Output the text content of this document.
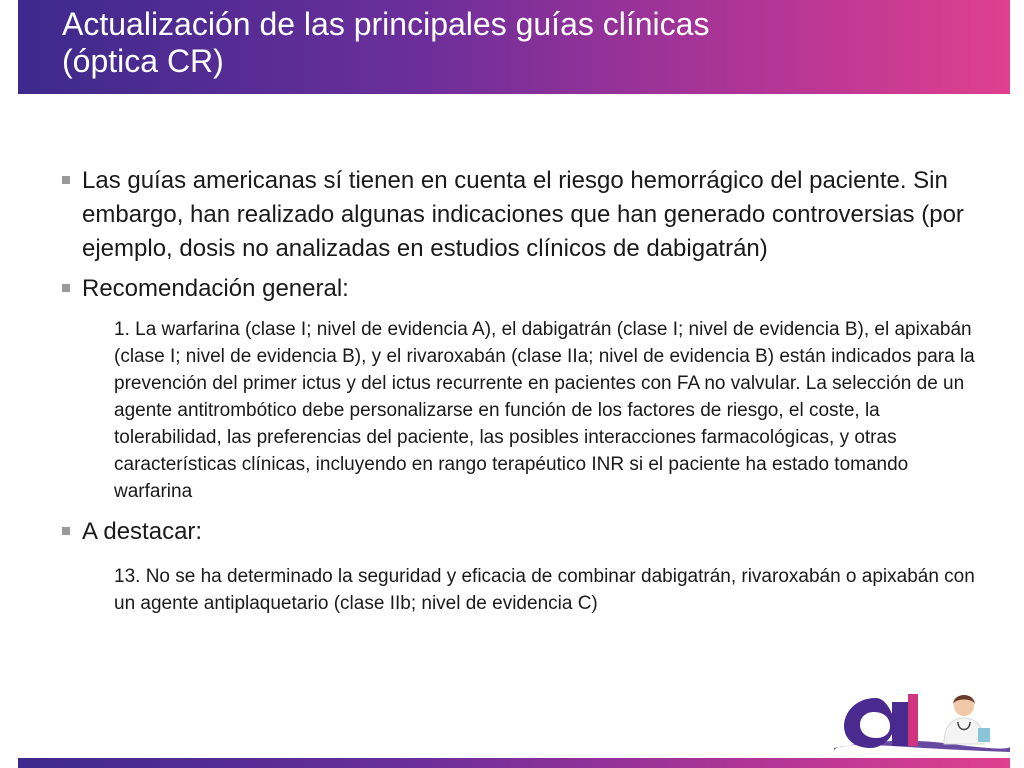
Actualización de las principales guías clínicas
(óptica CR)
Las guías americanas sí tienen en cuenta el riesgo hemorrágico del paciente. Sin embargo, han realizado algunas indicaciones que han generado controversias (por ejemplo, dosis no analizadas en estudios clínicos de dabigatrán)
Recomendación general:
1. La warfarina (clase I; nivel de evidencia A), el dabigatrán (clase I; nivel de evidencia B), el apixabán (clase I; nivel de evidencia B), y el rivaroxabán (clase IIa; nivel de evidencia B) están indicados para la prevención del primer ictus y del ictus recurrente en pacientes con FA no valvular. La selección de un agente antitrombótico debe personalizarse en función de los factores de riesgo, el coste, la tolerabilidad, las preferencias del paciente, las posibles interacciones farmacológicas, y otras características clínicas, incluyendo en rango terapéutico INR si el paciente ha estado tomando warfarina
A destacar:
13. No se ha determinado la seguridad y eficacia de combinar dabigatrán, rivaroxabán o apixabán con un agente antiplaquetario (clase IIb; nivel de evidencia C)
